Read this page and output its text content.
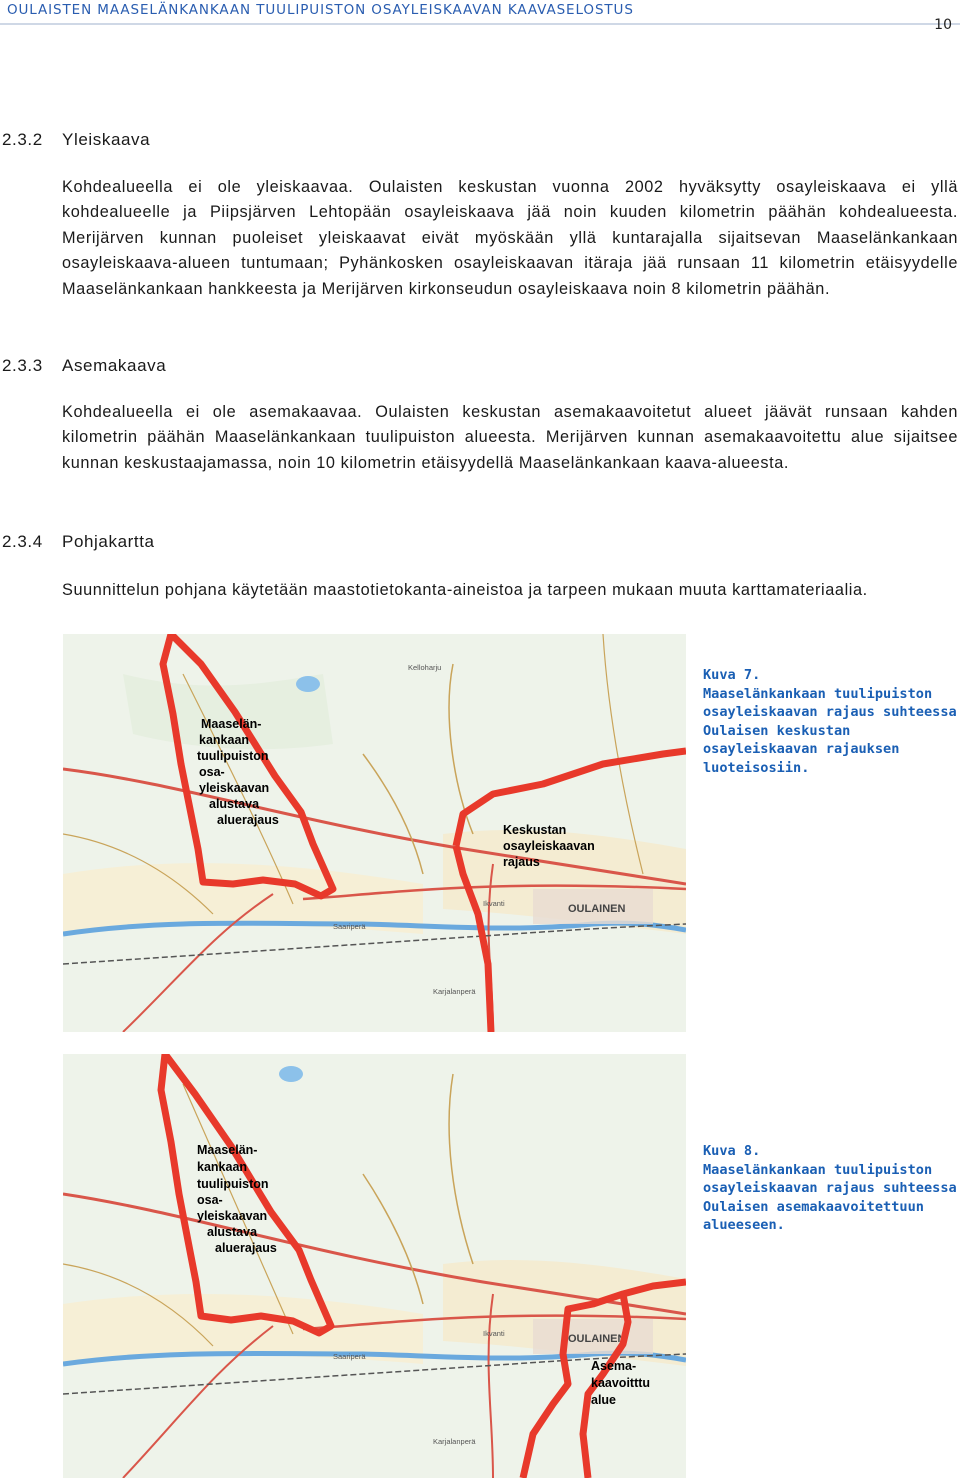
OULAISTEN MAASELÄNKANKAAN TUULIPUISTON OSAYLEISKAAVAN KAAVASELOSTUS
10
2.3.2 Yleiskaava

Kohdealueella ei ole yleiskaavaa. Oulaisten keskustan vuonna 2002 hyväksytty osayleiskaava ei yllä kohdealueelle ja Piipsjärven Lehtopään osayleiskaava jää noin kuuden kilometrin päähän kohdealueesta. Merijärven kunnan puoleiset yleiskaavat eivät myöskään yllä kuntarajalla sijaitsevan Maaselänkankaan osayleiskaava-alueen tuntumaan; Pyhänkosken osayleiskaavan itäraja jää runsaan 11 kilometrin etäisyydelle Maaselänkankaan hankkeesta ja Merijärven kirkonseudun osayleiskaava noin 8 kilometrin päähän.

2.3.3 Asemakaava

Kohdealueella ei ole asemakaavaa. Oulaisten keskustan asemakaavoitetut alueet jäävät runsaan kahden kilometrin päähän Maaselänkankaan tuulipuiston alueesta. Merijärven kunnan asemakaavoitettu alue sijaitsee kunnan keskustaajamassa, noin 10 kilometrin etäisyydellä Maaselänkankaan kaava-alueesta.

2.3.4 Pohjakartta

Suunnittelun pohjana käytetään maastotietokanta-aineistoa ja tarpeen mukaan muuta karttamateriaalia.

OULAINEN
Kelloharju
Saariperä
Ikvanti
Karjalanperä
Maaselän- kankaan tuulipuiston osa- yleiskaavan alustava aluerajaus
Keskustan osayleiskaavan rajaus
Kuva 7.
Maaselänkankaan tuulipuiston osayleiskaavan rajaus suhteessa Oulaisen keskustan osayleiskaavan rajauksen luoteisosiin.
OULAINEN
Saariperä
Ikvanti
Karjalanperä
Maaselän- kankaan tuulipuiston osa- yleiskaavan alustava aluerajaus
Asema- kaavoitttu alue
Kuva 8.
Maaselänkankaan tuulipuiston osayleiskaavan rajaus suhteessa Oulaisen asemakaavoitettuun alueeseen.
